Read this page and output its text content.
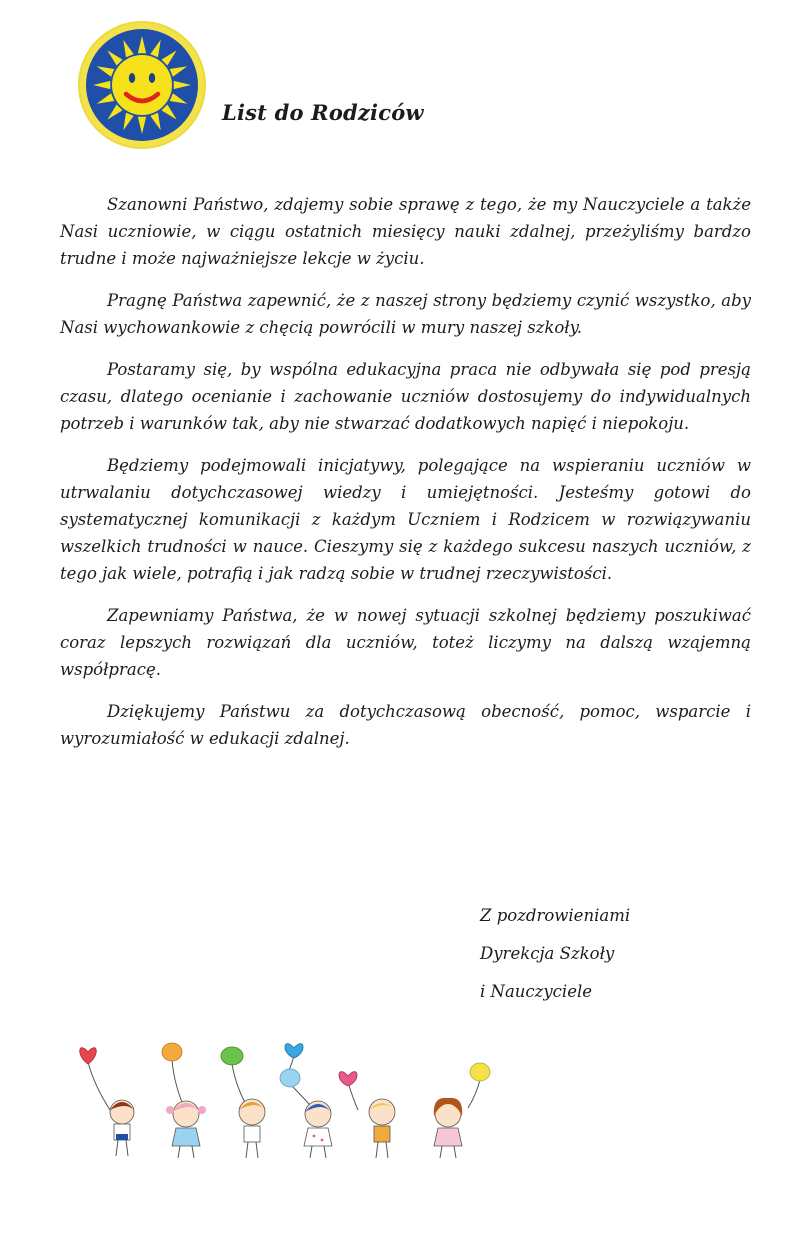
List do Rodziców

Szanowni Państwo, zdajemy sobie sprawę z tego, że my Nauczyciele a także Nasi uczniowie, w ciągu ostatnich miesięcy nauki zdalnej, przeżyliśmy bardzo trudne i może najważniejsze lekcje w życiu.

Pragnę Państwa zapewnić, że z naszej strony będziemy czynić wszystko, aby Nasi wychowankowie z chęcią powrócili w mury naszej szkoły.

Postaramy się, by wspólna edukacyjna praca nie odbywała się pod presją czasu, dlatego ocenianie i zachowanie uczniów dostosujemy do indywidualnych potrzeb i warunków tak, aby nie stwarzać dodatkowych napięć i niepokoju.

Będziemy podejmowali inicjatywy, polegające na wspieraniu uczniów w utrwalaniu dotychczasowej wiedzy i umiejętności. Jesteśmy gotowi do systematycznej komunikacji z każdym Uczniem i Rodzicem w rozwiązywaniu wszelkich trudności w nauce. Cieszymy się z każdego sukcesu naszych uczniów, z tego jak wiele, potrafią i jak radzą sobie w trudnej rzeczywistości.

Zapewniamy Państwa, że w nowej sytuacji szkolnej będziemy poszukiwać coraz lepszych rozwiązań dla uczniów, toteż liczymy na dalszą wzajemną współpracę.

Dziękujemy Państwu za dotychczasową obecność, pomoc, wsparcie i wyrozumiałość w edukacji zdalnej.

Z pozdrowieniami
Dyrekcja Szkoły
i Nauczyciele
